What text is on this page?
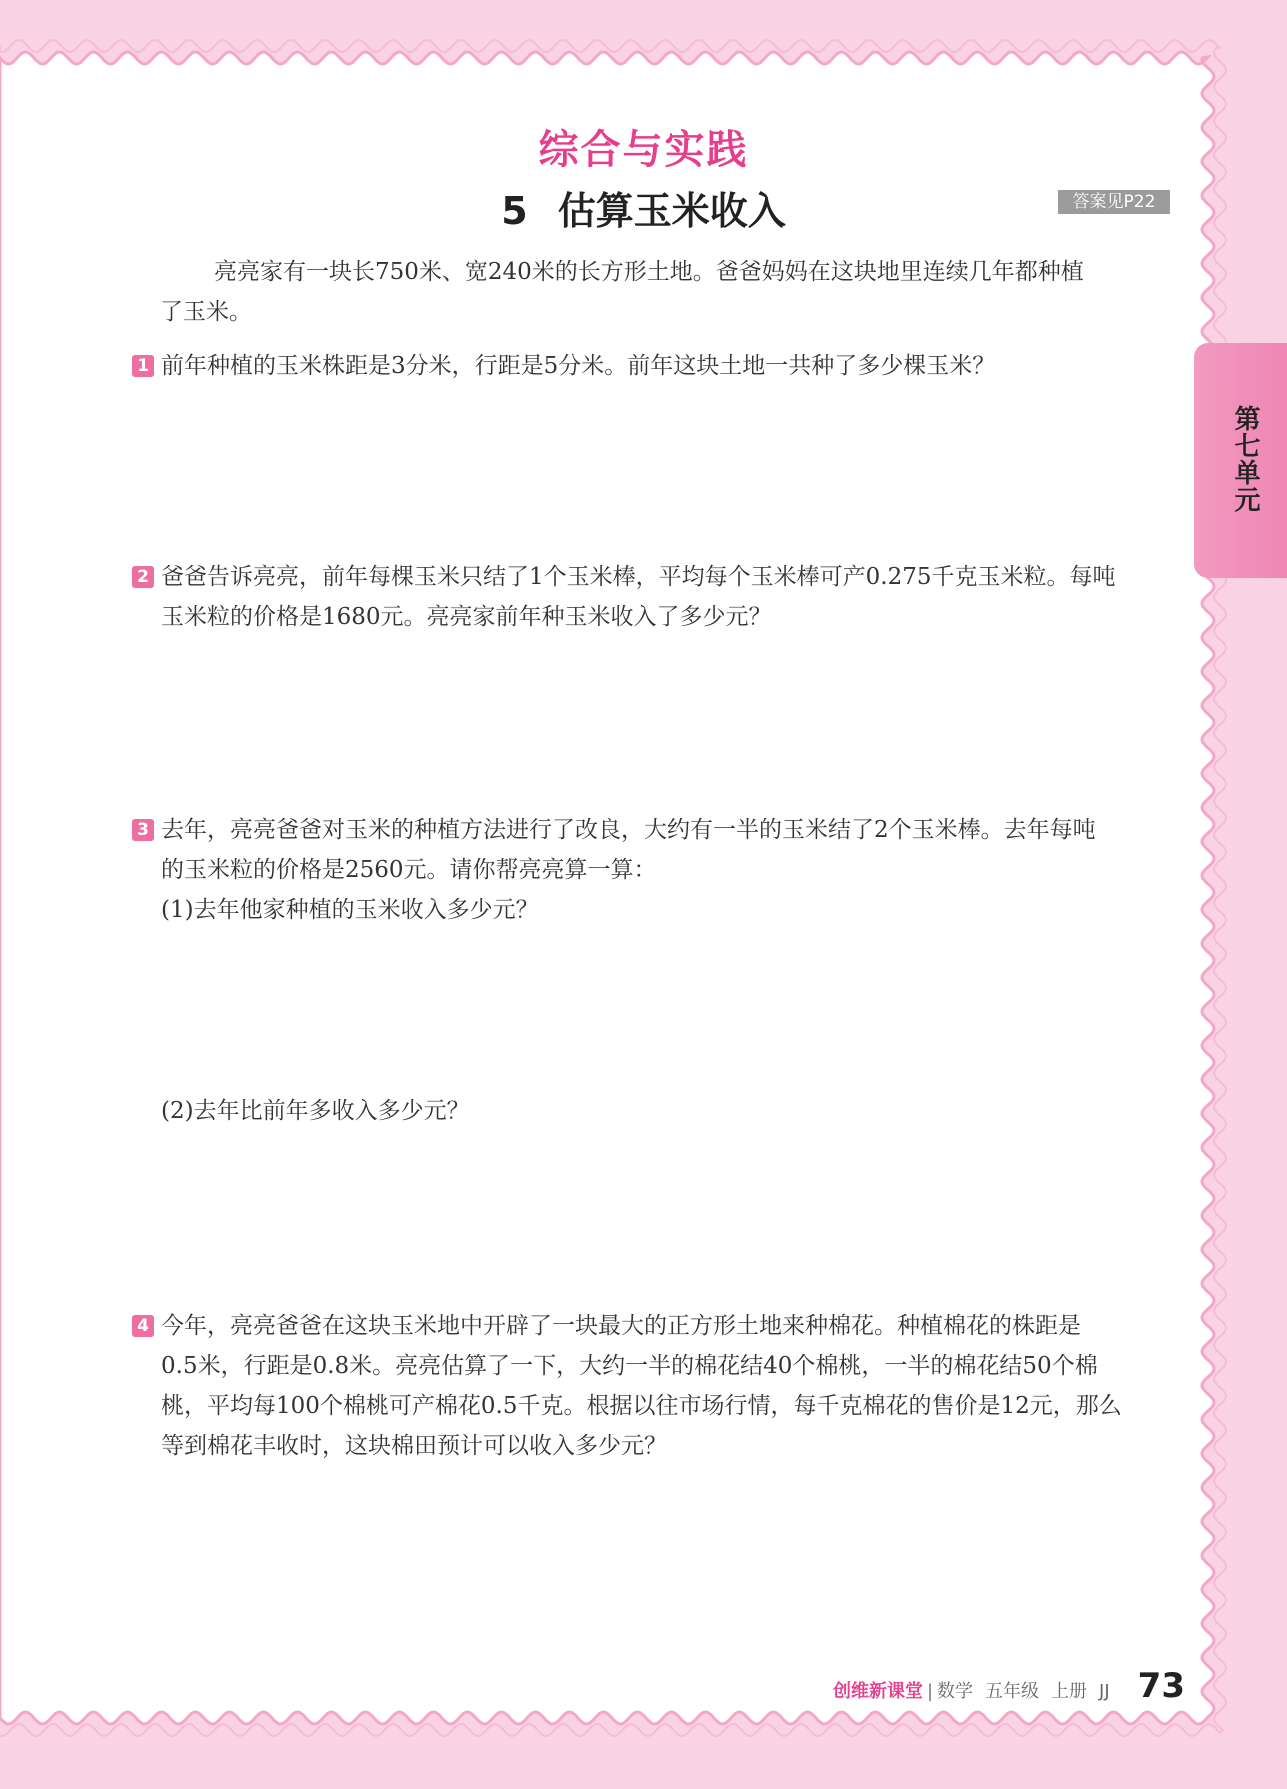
综合与实践
5 估算玉米收入	答案见P22
亮亮家有一块长750米、宽240米的长方形土地。爸爸妈妈在这块地里连续几年都种植
了玉米。
1 前年种植的玉米株距是3分米，行距是5分米。前年这块土地一共种了多少棵玉米？
2 爸爸告诉亮亮，前年每棵玉米只结了1个玉米棒，平均每个玉米棒可产0.275千克玉米粒。每吨
玉米粒的价格是1680元。亮亮家前年种玉米收入了多少元？
3 去年，亮亮爸爸对玉米的种植方法进行了改良，大约有一半的玉米结了2个玉米棒。去年每吨
的玉米粒的价格是2560元。请你帮亮亮算一算：
(1)去年他家种植的玉米收入多少元？
(2)去年比前年多收入多少元？
4 今年，亮亮爸爸在这块玉米地中开辟了一块最大的正方形土地来种棉花。种植棉花的株距是
0.5米，行距是0.8米。亮亮估算了一下，大约一半的棉花结40个棉桃，一半的棉花结50个棉
桃，平均每100个棉桃可产棉花0.5千克。根据以往市场行情，每千克棉花的售价是12元，那么
等到棉花丰收时，这块棉田预计可以收入多少元？
第七单元
创维新课堂 | 数学 五年级 上册 JJ 73
